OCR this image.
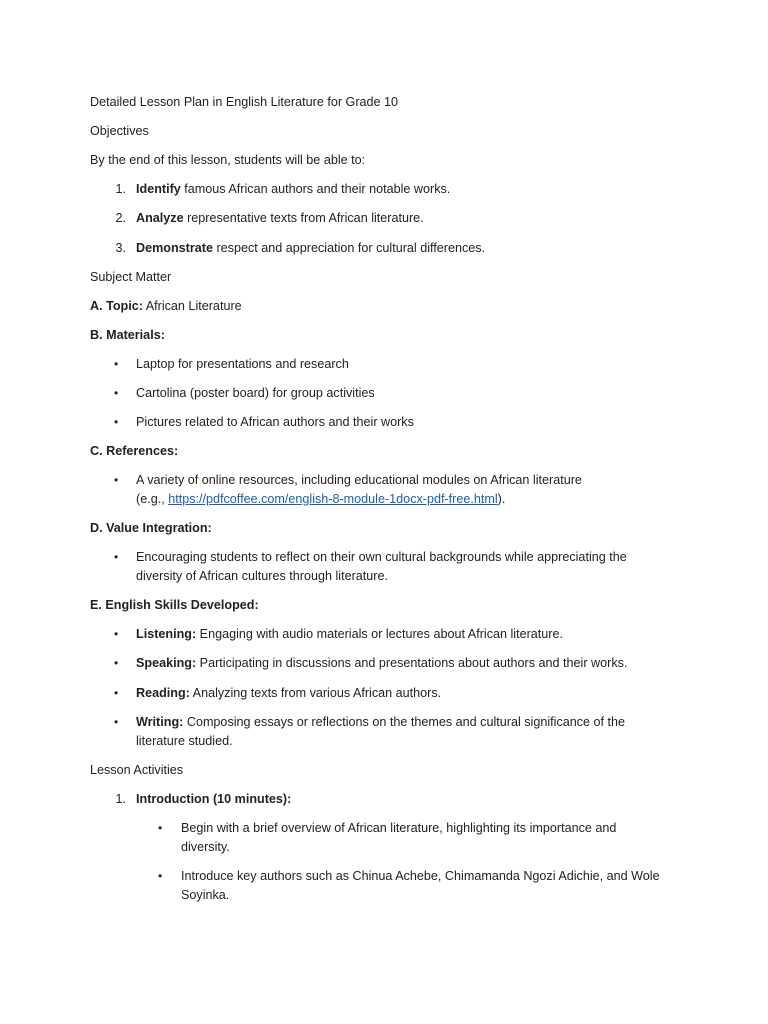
Detailed Lesson Plan in English Literature for Grade 10
Objectives
By the end of this lesson, students will be able to:
1. Identify famous African authors and their notable works.
2. Analyze representative texts from African literature.
3. Demonstrate respect and appreciation for cultural differences.
Subject Matter
A. Topic: African Literature
B. Materials:
• Laptop for presentations and research
• Cartolina (poster board) for group activities
• Pictures related to African authors and their works
C. References:
• A variety of online resources, including educational modules on African literature
(e.g., https://pdfcoffee.com/english-8-module-1docx-pdf-free.html).
D. Value Integration:
• Encouraging students to reflect on their own cultural backgrounds while appreciating the
diversity of African cultures through literature.
E. English Skills Developed:
• Listening: Engaging with audio materials or lectures about African literature.
• Speaking: Participating in discussions and presentations about authors and their works.
• Reading: Analyzing texts from various African authors.
• Writing: Composing essays or reflections on the themes and cultural significance of the
literature studied.
Lesson Activities
1. Introduction (10 minutes):
• Begin with a brief overview of African literature, highlighting its importance and
diversity.
• Introduce key authors such as Chinua Achebe, Chimamanda Ngozi Adichie, and Wole
Soyinka.
